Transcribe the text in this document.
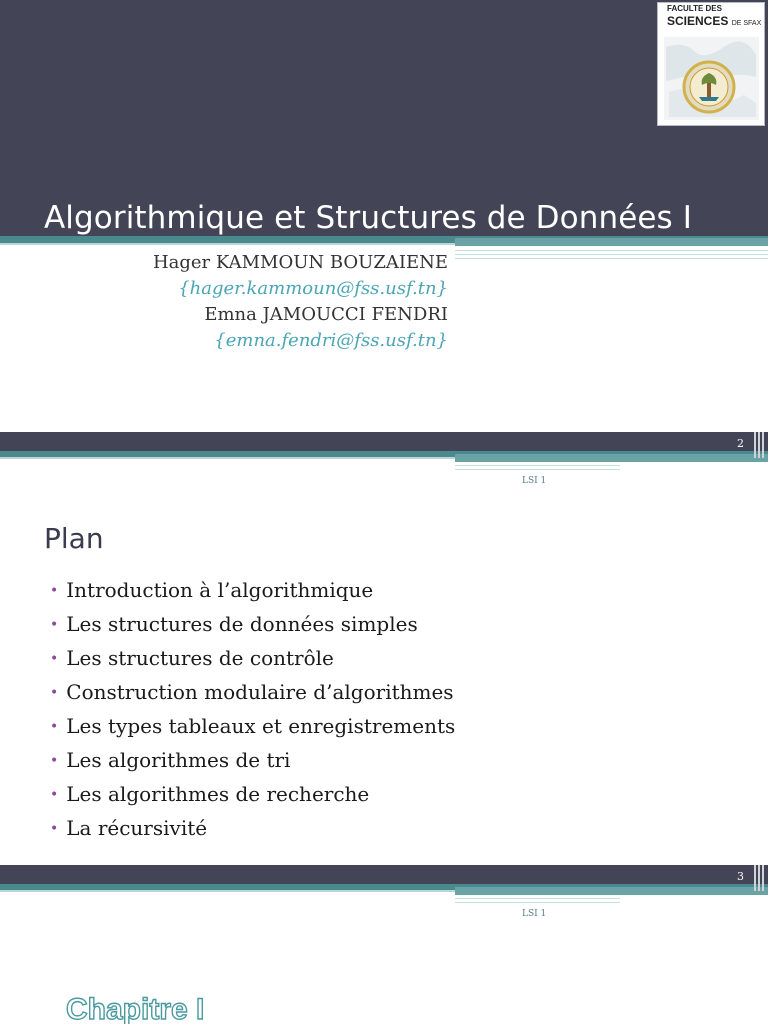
Algorithmique et Structures de Données I
FACULTE DES
SCIENCES DE SFAX
Hager KAMMOUN BOUZAIENE
{hager.kammoun@fss.usf.tn}
Emna JAMOUCCI FENDRI
{emna.fendri@fss.usf.tn}
2
LSI 1
Plan
• Introduction à l’algorithmique
• Les structures de données simples
• Les structures de contrôle
• Construction modulaire d’algorithmes
• Les types tableaux et enregistrements
• Les algorithmes de tri
• Les algorithmes de recherche
• La récursivité
3
LSI 1
Chapitre I
